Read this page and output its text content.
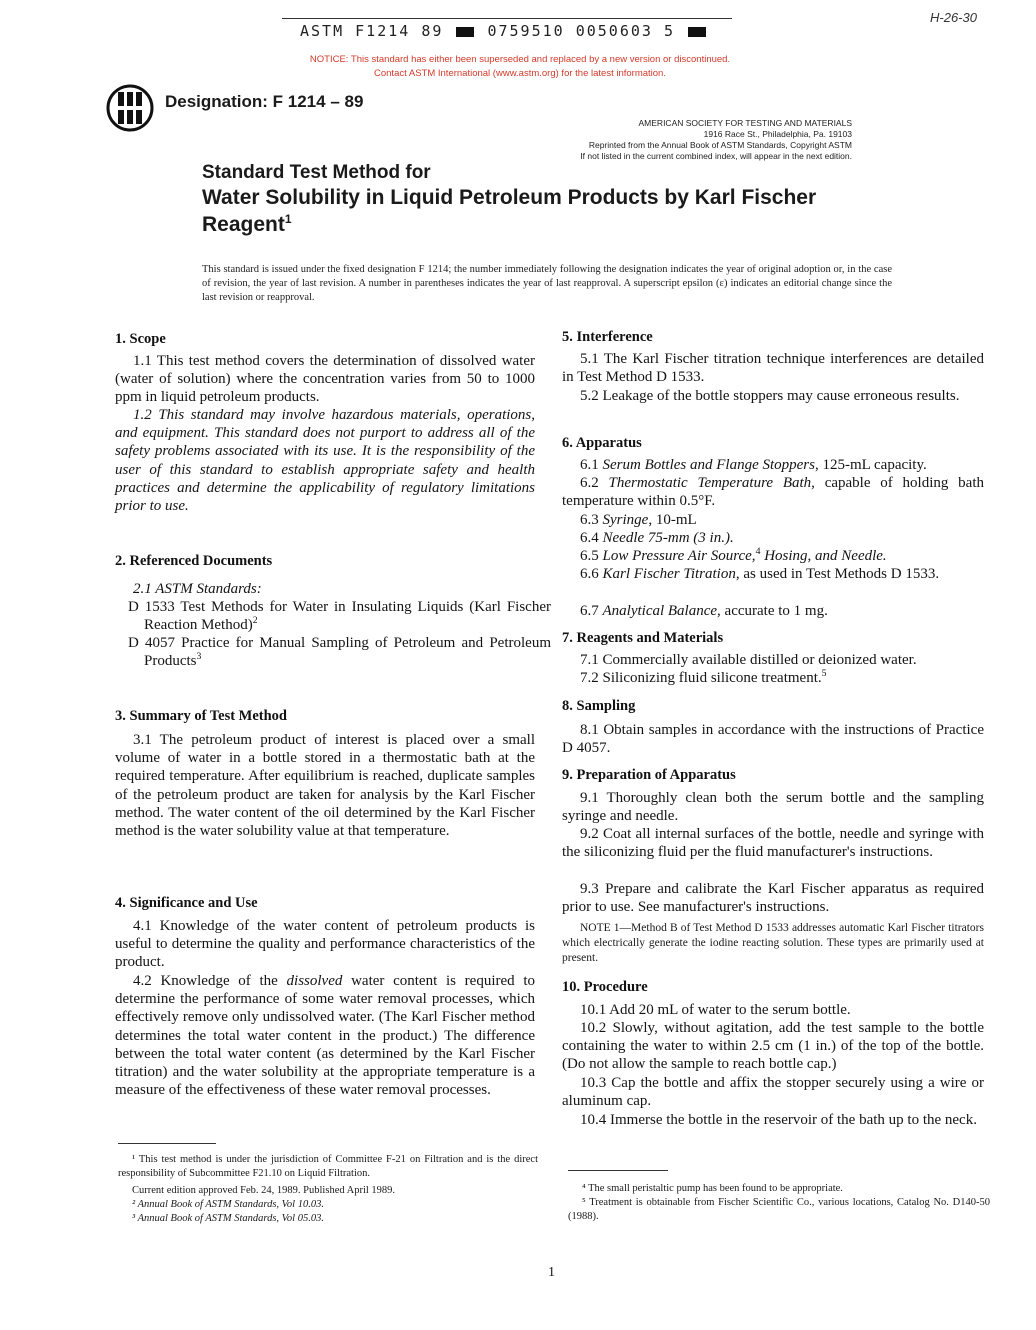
ASTM F1214 89	0759510 0050603 5
H-26-30
NOTICE: This standard has either been superseded and replaced by a new version or discontinued.
Contact ASTM International (www.astm.org) for the latest information.
Designation: F 1214 – 89
AMERICAN SOCIETY FOR TESTING AND MATERIALS
1916 Race St., Philadelphia, Pa. 19103
Reprinted from the Annual Book of ASTM Standards, Copyright ASTM
If not listed in the current combined index, will appear in the next edition.
Standard Test Method for
Water Solubility in Liquid Petroleum Products by Karl Fischer
Reagent$^1$
This standard is issued under the fixed designation F 1214; the number immediately following the designation indicates the year of original adoption or, in the case of revision, the year of last revision. A number in parentheses indicates the year of last reapproval. A superscript epsilon (ε) indicates an editorial change since the last revision or reapproval.
1. Scope
1.1 This test method covers the determination of dissolved water (water of solution) where the concentration varies from 50 to 1000 ppm in liquid petroleum products.
1.2 This standard may involve hazardous materials, operations, and equipment. This standard does not purport to address all of the safety problems associated with its use. It is the responsibility of the user of this standard to establish appropriate safety and health practices and determine the applicability of regulatory limitations prior to use.
2. Referenced Documents
2.1 ASTM Standards:
D 1533 Test Methods for Water in Insulating Liquids (Karl Fischer Reaction Method)$^2$
D 4057 Practice for Manual Sampling of Petroleum and Petroleum Products$^3$
3. Summary of Test Method
3.1 The petroleum product of interest is placed over a small volume of water in a bottle stored in a thermostatic bath at the required temperature. After equilibrium is reached, duplicate samples of the petroleum product are taken for analysis by the Karl Fischer method. The water content of the oil determined by the Karl Fischer method is the water solubility value at that temperature.
4. Significance and Use
4.1 Knowledge of the water content of petroleum products is useful to determine the quality and performance characteristics of the product.
4.2 Knowledge of the dissolved water content is required to determine the performance of some water removal processes, which effectively remove only undissolved water. (The Karl Fischer method determines the total water content in the product.) The difference between the total water content (as determined by the Karl Fischer titration) and the water solubility at the appropriate temperature is a measure of the effectiveness of these water removal processes.
¹ This test method is under the jurisdiction of Committee F-21 on Filtration and is the direct responsibility of Subcommittee F21.10 on Liquid Filtration.
Current edition approved Feb. 24, 1989. Published April 1989.
² Annual Book of ASTM Standards, Vol 10.03.
³ Annual Book of ASTM Standards, Vol 05.03.
5. Interference
5.1 The Karl Fischer titration technique interferences are detailed in Test Method D 1533.
5.2 Leakage of the bottle stoppers may cause erroneous results.
6. Apparatus
6.1 Serum Bottles and Flange Stoppers, 125-mL capacity.
6.2 Thermostatic Temperature Bath, capable of holding bath temperature within 0.5°F.
6.3 Syringe, 10-mL
6.4 Needle 75-mm (3 in.).
6.5 Low Pressure Air Source,$^4$ Hosing, and Needle.
6.6 Karl Fischer Titration, as used in Test Methods D 1533.
6.7 Analytical Balance, accurate to 1 mg.
7. Reagents and Materials
7.1 Commercially available distilled or deionized water.
7.2 Siliconizing fluid silicone treatment.$^5$
8. Sampling
8.1 Obtain samples in accordance with the instructions of Practice D 4057.
9. Preparation of Apparatus
9.1 Thoroughly clean both the serum bottle and the sampling syringe and needle.
9.2 Coat all internal surfaces of the bottle, needle and syringe with the siliconizing fluid per the fluid manufacturer's instructions.
9.3 Prepare and calibrate the Karl Fischer apparatus as required prior to use. See manufacturer's instructions.
NOTE 1—Method B of Test Method D 1533 addresses automatic Karl Fischer titrators which electrically generate the iodine reacting solution. These types are primarily used at present.
10. Procedure
10.1 Add 20 mL of water to the serum bottle.
10.2 Slowly, without agitation, add the test sample to the bottle containing the water to within 2.5 cm (1 in.) of the top of the bottle. (Do not allow the sample to reach bottle cap.)
10.3 Cap the bottle and affix the stopper securely using a wire or aluminum cap.
10.4 Immerse the bottle in the reservoir of the bath up to the neck.
⁴ The small peristaltic pump has been found to be appropriate.
⁵ Treatment is obtainable from Fischer Scientific Co., various locations, Catalog No. D140-50 (1988).
1
